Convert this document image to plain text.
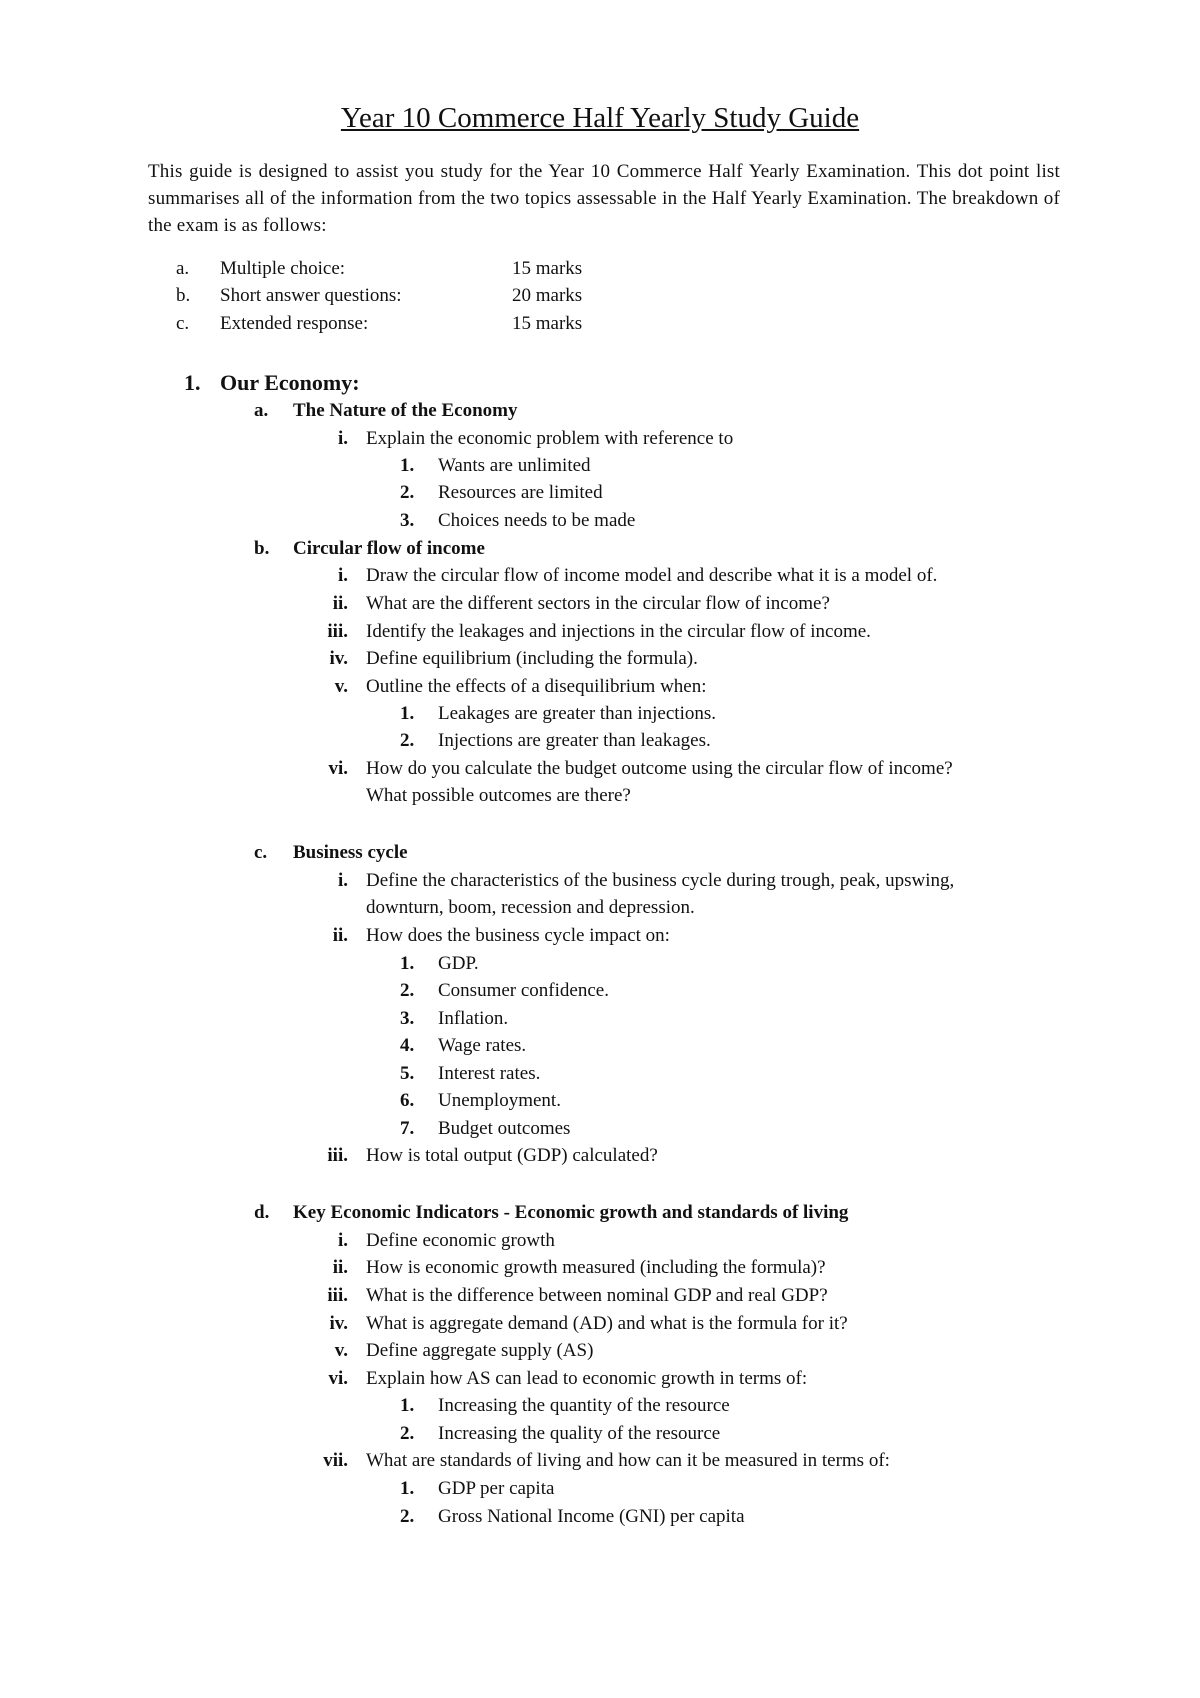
Year 10 Commerce Half Yearly Study Guide
This guide is designed to assist you study for the Year 10 Commerce Half Yearly Examination. This dot point list summarises all of the information from the two topics assessable in the Half Yearly Examination. The breakdown of the exam is as follows:
a. Multiple choice:	15 marks
b. Short answer questions:	20 marks
c. Extended response:	15 marks
1. Our Economy:
a. The Nature of the Economy
i. Explain the economic problem with reference to
1. Wants are unlimited
2. Resources are limited
3. Choices needs to be made
b. Circular flow of income
i. Draw the circular flow of income model and describe what it is a model of.
ii. What are the different sectors in the circular flow of income?
iii. Identify the leakages and injections in the circular flow of income.
iv. Define equilibrium (including the formula).
v. Outline the effects of a disequilibrium when:
1. Leakages are greater than injections.
2. Injections are greater than leakages.
vi. How do you calculate the budget outcome using the circular flow of income?
What possible outcomes are there?
c. Business cycle
i. Define the characteristics of the business cycle during trough, peak, upswing,
downturn, boom, recession and depression.
ii. How does the business cycle impact on:
1. GDP.
2. Consumer confidence.
3. Inflation.
4. Wage rates.
5. Interest rates.
6. Unemployment.
7. Budget outcomes
iii. How is total output (GDP) calculated?
d. Key Economic Indicators - Economic growth and standards of living
i. Define economic growth
ii. How is economic growth measured (including the formula)?
iii. What is the difference between nominal GDP and real GDP?
iv. What is aggregate demand (AD) and what is the formula for it?
v. Define aggregate supply (AS)
vi. Explain how AS can lead to economic growth in terms of:
1. Increasing the quantity of the resource
2. Increasing the quality of the resource
vii. What are standards of living and how can it be measured in terms of:
1. GDP per capita
2. Gross National Income (GNI) per capita
